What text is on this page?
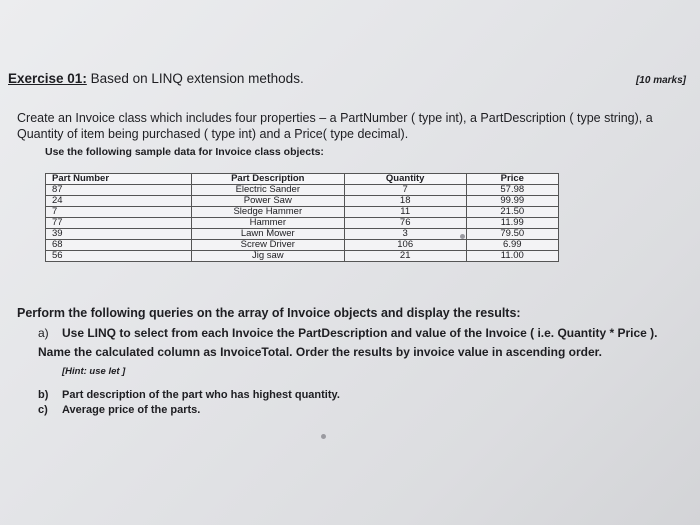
Exercise 01: Based on LINQ extension methods.	[10 marks]
Create an Invoice class which includes four properties – a PartNumber ( type int), a PartDescription ( type string), a Quantity of item being purchased ( type int) and a Price( type decimal).
Use the following sample data for Invoice class objects:
Part Number	Part Description	Quantity	Price
87	Electric Sander	7	57.98
24	Power Saw	18	99.99
7	Sledge Hammer	11	21.50
77	Hammer	76	11.99
39	Lawn Mower	3	79.50
68	Screw Driver	106	6.99
56	Jig saw	21	11.00
Perform the following queries on the array of Invoice objects and display the results:
a) Use LINQ to select from each Invoice the PartDescription and value of the Invoice ( i.e. Quantity * Price ). Name the calculated column as InvoiceTotal. Order the results by invoice value in ascending order.
[Hint: use let ]
b) Part description of the part who has highest quantity.
c) Average price of the parts.
